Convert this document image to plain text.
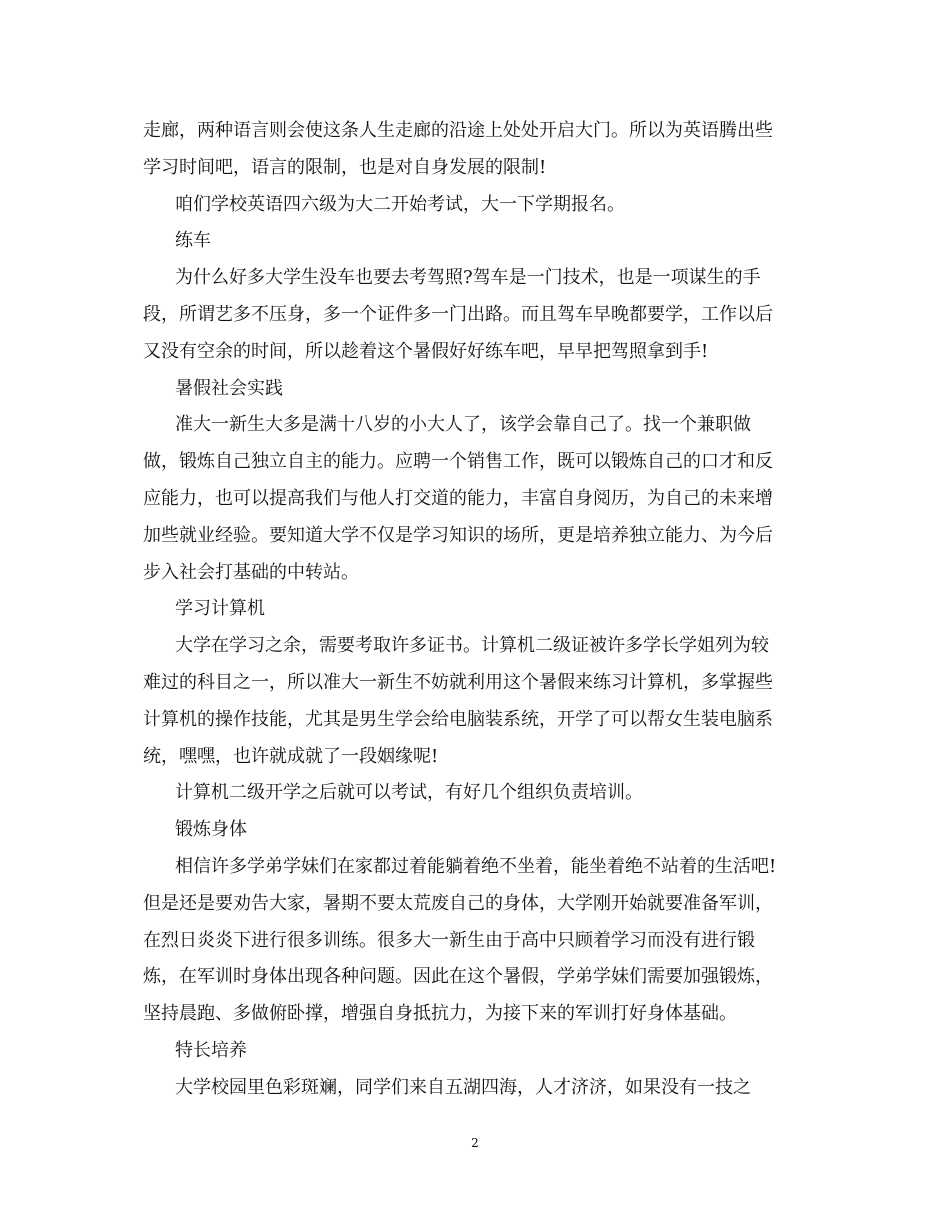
走廊，两种语言则会使这条人生走廊的沿途上处处开启大门。所以为英语腾出些
学习时间吧，语言的限制，也是对自身发展的限制!
咱们学校英语四六级为大二开始考试，大一下学期报名。
练车
为什么好多大学生没车也要去考驾照?驾车是一门技术，也是一项谋生的手
段，所谓艺多不压身，多一个证件多一门出路。而且驾车早晚都要学，工作以后
又没有空余的时间，所以趁着这个暑假好好练车吧，早早把驾照拿到手!
暑假社会实践
准大一新生大多是满十八岁的小大人了，该学会靠自己了。找一个兼职做
做，锻炼自己独立自主的能力。应聘一个销售工作，既可以锻炼自己的口才和反
应能力，也可以提高我们与他人打交道的能力，丰富自身阅历，为自己的未来增
加些就业经验。要知道大学不仅是学习知识的场所，更是培养独立能力、为今后
步入社会打基础的中转站。
学习计算机
大学在学习之余，需要考取许多证书。计算机二级证被许多学长学姐列为较
难过的科目之一，所以准大一新生不妨就利用这个暑假来练习计算机，多掌握些
计算机的操作技能，尤其是男生学会给电脑装系统，开学了可以帮女生装电脑系
统，嘿嘿，也许就成就了一段姻缘呢!
计算机二级开学之后就可以考试，有好几个组织负责培训。
锻炼身体
相信许多学弟学妹们在家都过着能躺着绝不坐着，能坐着绝不站着的生活吧!
但是还是要劝告大家，暑期不要太荒废自己的身体，大学刚开始就要准备军训，
在烈日炎炎下进行很多训练。很多大一新生由于高中只顾着学习而没有进行锻
炼，在军训时身体出现各种问题。因此在这个暑假，学弟学妹们需要加强锻炼，
坚持晨跑、多做俯卧撑，增强自身抵抗力，为接下来的军训打好身体基础。
特长培养
大学校园里色彩斑斓，同学们来自五湖四海，人才济济，如果没有一技之
2
